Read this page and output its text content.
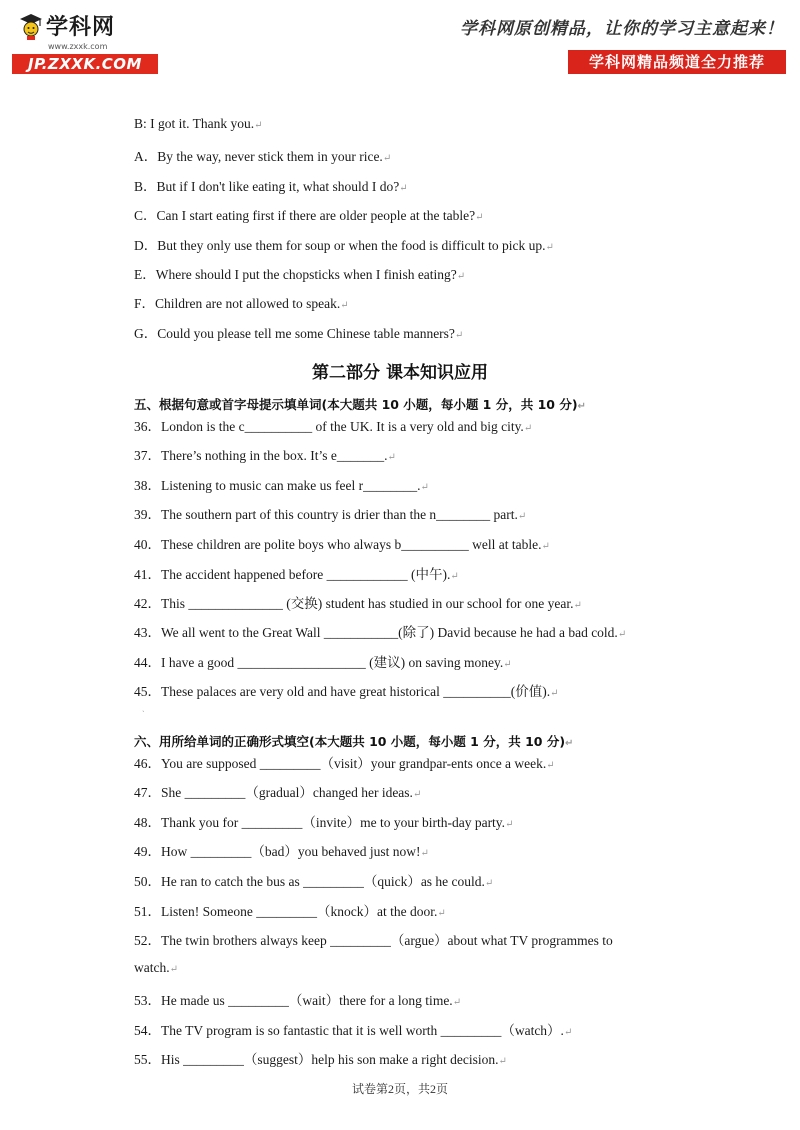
学科网
www.zxxk.com
JP.ZXXK.COM
学科网原创精品，让你的学习主意起来！
学科网精品频道全力推荐
B: I got it. Thank you.↵
A．By the way, never stick them in your rice.↵
B．But if I don't like eating it, what should I do?↵
C．Can I start eating first if there are older people at the table?↵
D．But they only use them for soup or when the food is difficult to pick up.↵
E．Where should I put the chopsticks when I finish eating?↵
F．Children are not allowed to speak.↵
G．Could you please tell me some Chinese table manners?↵
第二部分 课本知识应用
五、根据句意或首字母提示填单词(本大题共 10 小题，每小题 1 分，共 10 分)↵
36．London is the c__________ of the UK. It is a very old and big city.↵
37．There’s nothing in the box. It’s e_______.↵
38．Listening to music can make us feel r________.↵
39．The southern part of this country is drier than the n________ part.↵
40．These children are polite boys who always b__________ well at table.↵
41．The accident happened before ____________ (中午).↵
42．This ______________ (交换) student has studied in our school for one year.↵
43．We all went to the Great Wall ___________(除了) David because he had a bad cold.↵
44．I have a good ___________________ (建议) on saving money.↵
45．These palaces are very old and have great historical __________(价值).↵
ˎ
六、用所给单词的正确形式填空(本大题共 10 小题，每小题 1 分，共 10 分)↵
46．You are supposed _________（visit）your grandpar-ents once a week.↵
47．She _________（gradual）changed her ideas.↵
48．Thank you for _________（invite）me to your birth-day party.↵
49．How _________（bad）you behaved just now!↵
50．He ran to catch the bus as _________（quick）as he could.↵
51．Listen! Someone _________（knock）at the door.↵
52．The twin brothers always keep _________（argue）about what TV programmes to
watch.↵
53．He made us _________（wait）there for a long time.↵
54．The TV program is so fantastic that it is well worth _________（watch）.↵
55．His _________（suggest）help his son make a right decision.↵
试卷第2页，共2页
